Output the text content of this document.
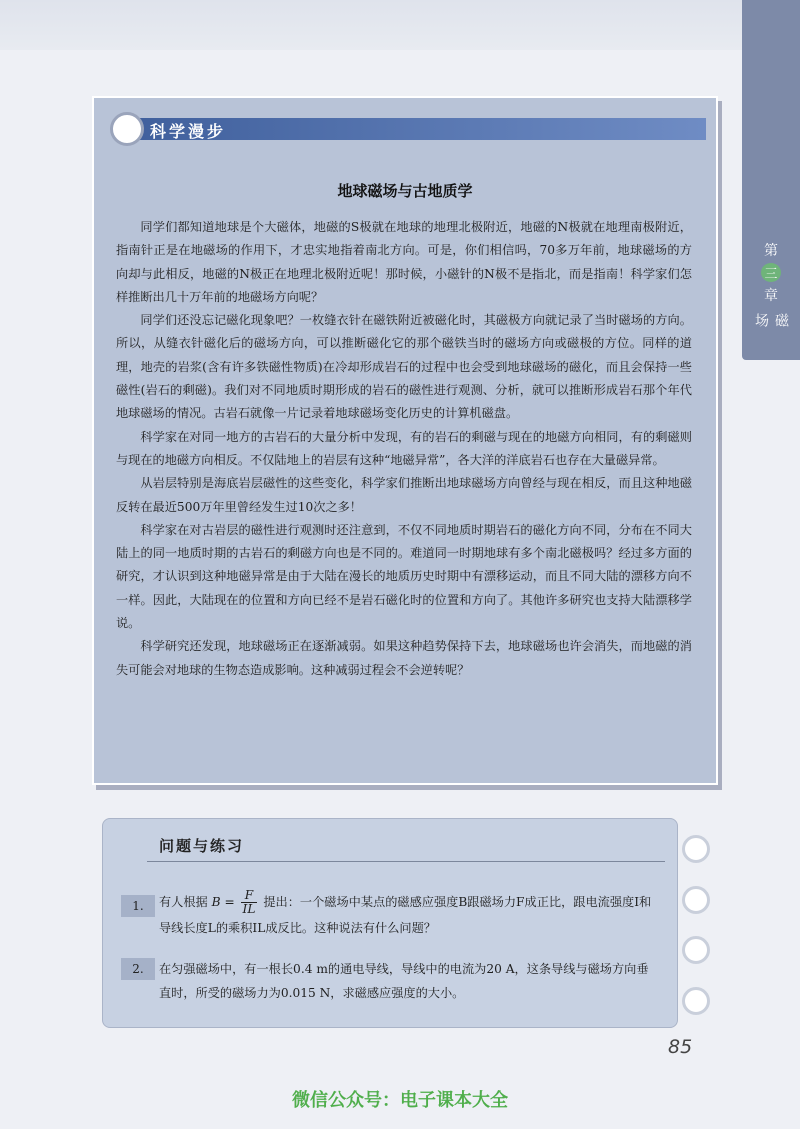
第
三
章
磁场
科学漫步
地球磁场与古地质学

同学们都知道地球是个大磁体，地磁的S极就在地球的地理北极附近，地磁的N极就在地理南极附近，指南针正是在地磁场的作用下，才忠实地指着南北方向。可是，你们相信吗，70多万年前，地球磁场的方向却与此相反，地磁的N极正在地理北极附近呢！那时候，小磁针的N极不是指北，而是指南！科学家们怎样推断出几十万年前的地磁场方向呢？

同学们还没忘记磁化现象吧？一枚缝衣针在磁铁附近被磁化时，其磁极方向就记录了当时磁场的方向。所以，从缝衣针磁化后的磁场方向，可以推断磁化它的那个磁铁当时的磁场方向或磁极的方位。同样的道理，地壳的岩浆(含有许多铁磁性物质)在冷却形成岩石的过程中也会受到地球磁场的磁化，而且会保持一些磁性(岩石的剩磁)。我们对不同地质时期形成的岩石的磁性进行观测、分析，就可以推断形成岩石那个年代地球磁场的情况。古岩石就像一片记录着地球磁场变化历史的计算机磁盘。

科学家在对同一地方的古岩石的大量分析中发现，有的岩石的剩磁与现在的地磁方向相同，有的剩磁则与现在的地磁方向相反。不仅陆地上的岩层有这种“地磁异常”，各大洋的洋底岩石也存在大量磁异常。

从岩层特别是海底岩层磁性的这些变化，科学家们推断出地球磁场方向曾经与现在相反，而且这种地磁反转在最近500万年里曾经发生过10次之多！

科学家在对古岩层的磁性进行观测时还注意到，不仅不同地质时期岩石的磁化方向不同，分布在不同大陆上的同一地质时期的古岩石的剩磁方向也是不同的。难道同一时期地球有多个南北磁极吗？经过多方面的研究，才认识到这种地磁异常是由于大陆在漫长的地质历史时期中有漂移运动，而且不同大陆的漂移方向不一样。因此，大陆现在的位置和方向已经不是岩石磁化时的位置和方向了。其他许多研究也支持大陆漂移学说。

科学研究还发现，地球磁场正在逐渐减弱。如果这种趋势保持下去，地球磁场也许会消失，而地磁的消失可能会对地球的生物态造成影响。这种减弱过程会不会逆转呢？

问题与练习
1.	有人根据 $B = \frac{F}{IL}$ 提出：一个磁场中某点的磁感应强度B跟磁场力F成正比，跟电流强度I和导线长度L的乘积IL成反比。这种说法有什么问题？
2.	在匀强磁场中，有一根长0.4 m的通电导线，导线中的电流为20 A，这条导线与磁场方向垂直时，所受的磁场力为0.015 N，求磁感应强度的大小。
85
微信公众号：电子课本大全
